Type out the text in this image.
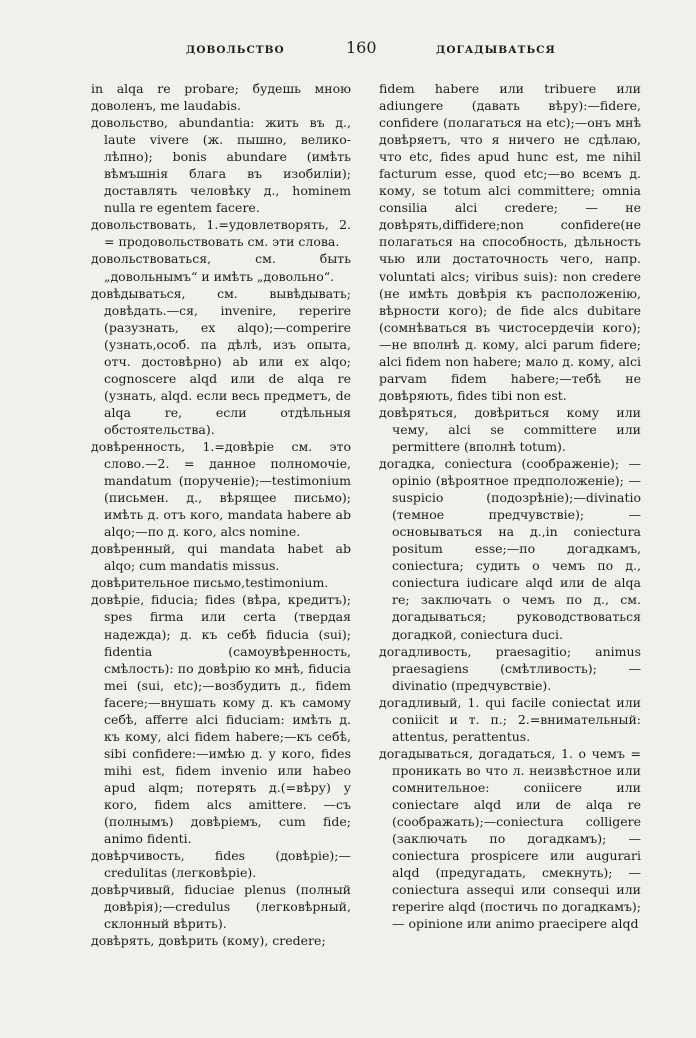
ДОВОЛЬСТВО	160	ДОГАДЫВАТЬСЯ

in alqa re probare; будешь мною доволенъ, me laudabis.

довольство, abundantia: жить въ д., laute vivere (ж. пышно, велико-лѣпно); bonis abundare (имѣть вѣмъшнія блага въ изобиліи); доставлять человѣку д., hominem nulla re egentem facere.

довольствовать, 1.=удовлетворять, 2. = продовольствовать см. эти слова.

довольствоваться, см. быть „довольнымъ“ и имѣть „довольно“.

довѣдываться, см. вывѣдывать; довѣдать.—ся, invenire, reperire (разузнать, ex alqo);—comperire (узнать,особ. па дѣлѣ, изъ опыта, отч. достовѣрно) ab или ex alqo; cognoscere alqd или de alqa re (узнать, alqd. если весь предметъ, de alqa re, если отдѣльныя обстоятельства).

довѣренность, 1.=довѣріе см. это слово.—2. = данное полномочіе, mandatum (порученіе);—testimonium (письмен. д., вѣрящее письмо); имѣть д. отъ кого, mandata habere ab alqo;—по д. кого, alcs nomine.

довѣренный, qui mandata habet ab alqo; cum mandatis missus.

довѣрительное письмо,testimonium.

довѣріе, fiducia; fides (вѣра, кредитъ); spes firma или certa (твердая надежда); д. къ себѣ fiducia (sui); fidentia (самоувѣренность, смѣлость): по довѣрію ко мнѣ, fiducia mei (sui, etc);—возбудить д., fidem facere;—внушать кому д. къ самому себѣ, afferre alci fiduciam: имѣть д. къ кому, alci fidem habere;—къ себѣ, sibi confidere:—имѣю д. у кого, fides mihi est, fidem invenio или habeo apud alqm; потерять д.(=вѣру) у кого, fidem alcs amittere. —съ (полнымъ) довѣріемъ, cum fide; animo fidenti.

довѣрчивость, fides (довѣріе);—credulitas (легковѣріе).

довѣрчивый, fiduciae plenus (полный довѣрія);—credulus (легковѣрный, склонный вѣрить).

довѣрять, довѣрить (кому), credere;

fidem habere или tribuere или adiungere (давать вѣру):—fidere, confidere (полагаться на etc);—онъ мнѣ довѣряетъ, что я ничего не сдѣлаю, что etc, fides apud hunc est, me nihil facturum esse, quod etc;—во всемъ д. кому, se totum alci committere; omnia consilia alci credere; — не довѣрять,diffidere;non confidere(не полагаться на способность, дѣльность чью или достаточность чего, напр. voluntati alcs; viribus suis): non credere (не имѣть довѣрія къ расположенію, вѣрности кого); de fide alcs dubitare (сомнѣваться въ чистосердечіи кого);—не вполнѣ д. кому, alci parum fidere; alci fidem non habere; мало д. кому, alci parvam fidem habere;—тебѣ не довѣряють, fides tibi non est.

довѣряться, довѣриться кому или чему, alci se committere или permittere (вполнѣ totum).

догадка, coniectura (соображеніе); —opinio (вѣроятное предположеніе); — suspicio (подозрѣніе);—divinatio (темное предчувствіе); —основываться на д.,in coniectura positum esse;—по догадкамъ, coniectura; судить о чемъ по д., coniectura iudicare alqd или de alqa re; заключать о чемъ по д., см. догадываться; руководствоваться догадкой, coniectura duci.

догадливость, praesagitio; animus praesagiens (смѣтливость); — divinatio (предчувствіе).

догадливый, 1. qui facile coniectat или coniicit и т. п.; 2.=внимательный: attentus, perattentus.

догадываться, догадаться, 1. о чемъ = проникать во что л. неизвѣстное или сомнительное: coniicere или coniectare alqd или de alqa re (соображать);—coniectura colligere (заключать по догадкамъ); — coniectura prospicere или augurari alqd (предугадать, смекнуть); — coniectura assequi или consequi или reperire alqd (постичь по догадкамъ); — opinione или animo praecipere alqd
